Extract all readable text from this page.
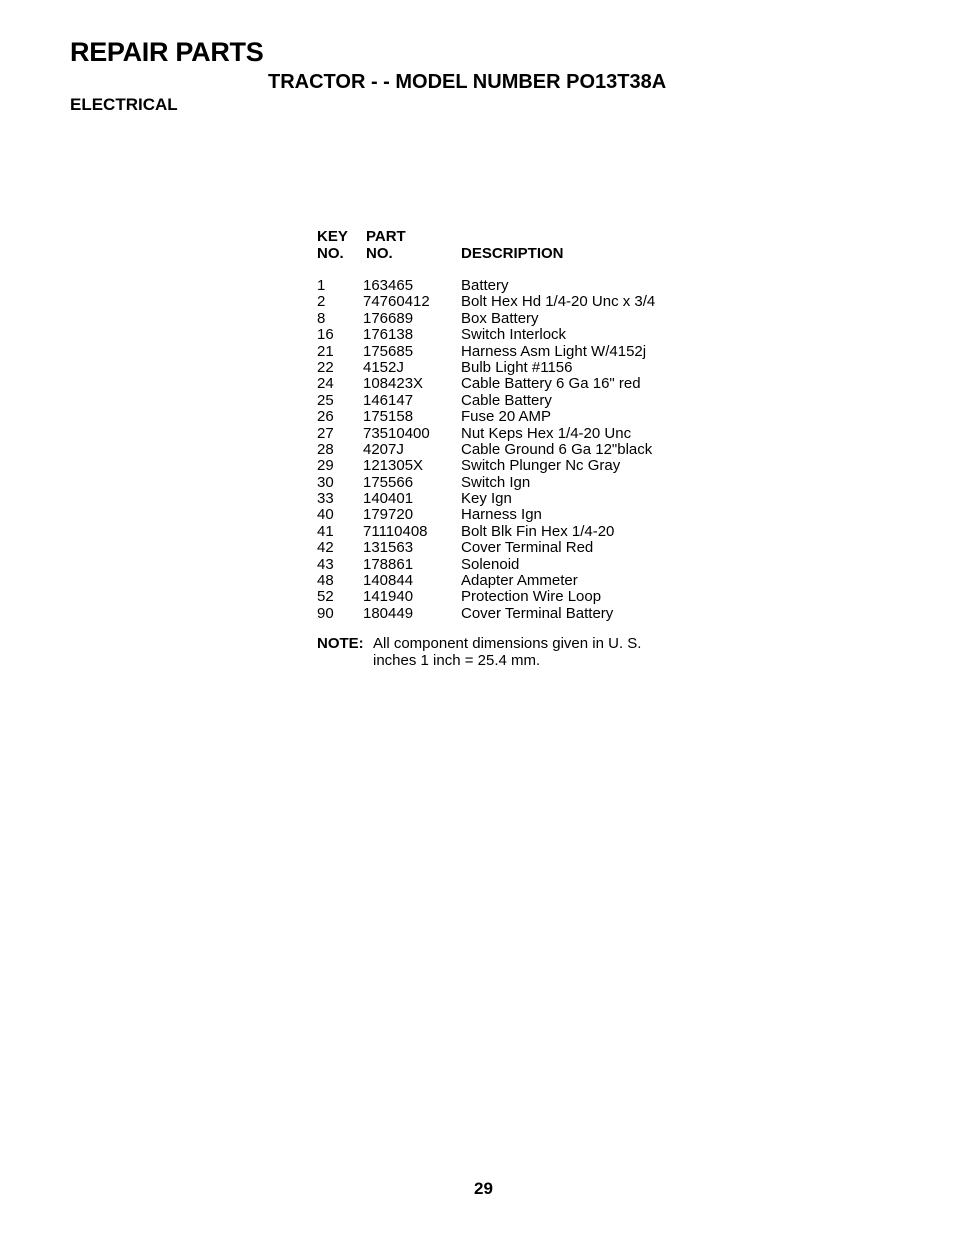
REPAIR PARTS
TRACTOR - - MODEL NUMBER PO13T38A
ELECTRICAL
KEY
NO.
PART
NO.	DESCRIPTION
1	163465	Battery
2	74760412 Bolt Hex Hd 1/4-20 Unc x 3/4
8	176689	Box Battery
16 176138	Switch Interlock
21 175685	Harness Asm Light W/4152j
22 4152J	Bulb Light #1156
24 108423X	Cable Battery 6 Ga 16" red
25 146147	Cable Battery
26 175158	Fuse 20 AMP
27 73510400 Nut Keps Hex 1/4-20 Unc
28 4207J	Cable Ground 6 Ga 12"black
29 121305X	Switch Plunger Nc Gray
30 175566	Switch Ign
33 140401	Key Ign
40 179720	Harness Ign
41 71110408 Bolt Blk Fin Hex 1/4-20
42 131563	Cover Terminal Red
43 178861	Solenoid
48 140844	Adapter Ammeter
52 141940	Protection Wire Loop
90 180449	Cover Terminal Battery
NOTE: All component dimensions given in U. S.
inches 1 inch = 25.4 mm.
29
